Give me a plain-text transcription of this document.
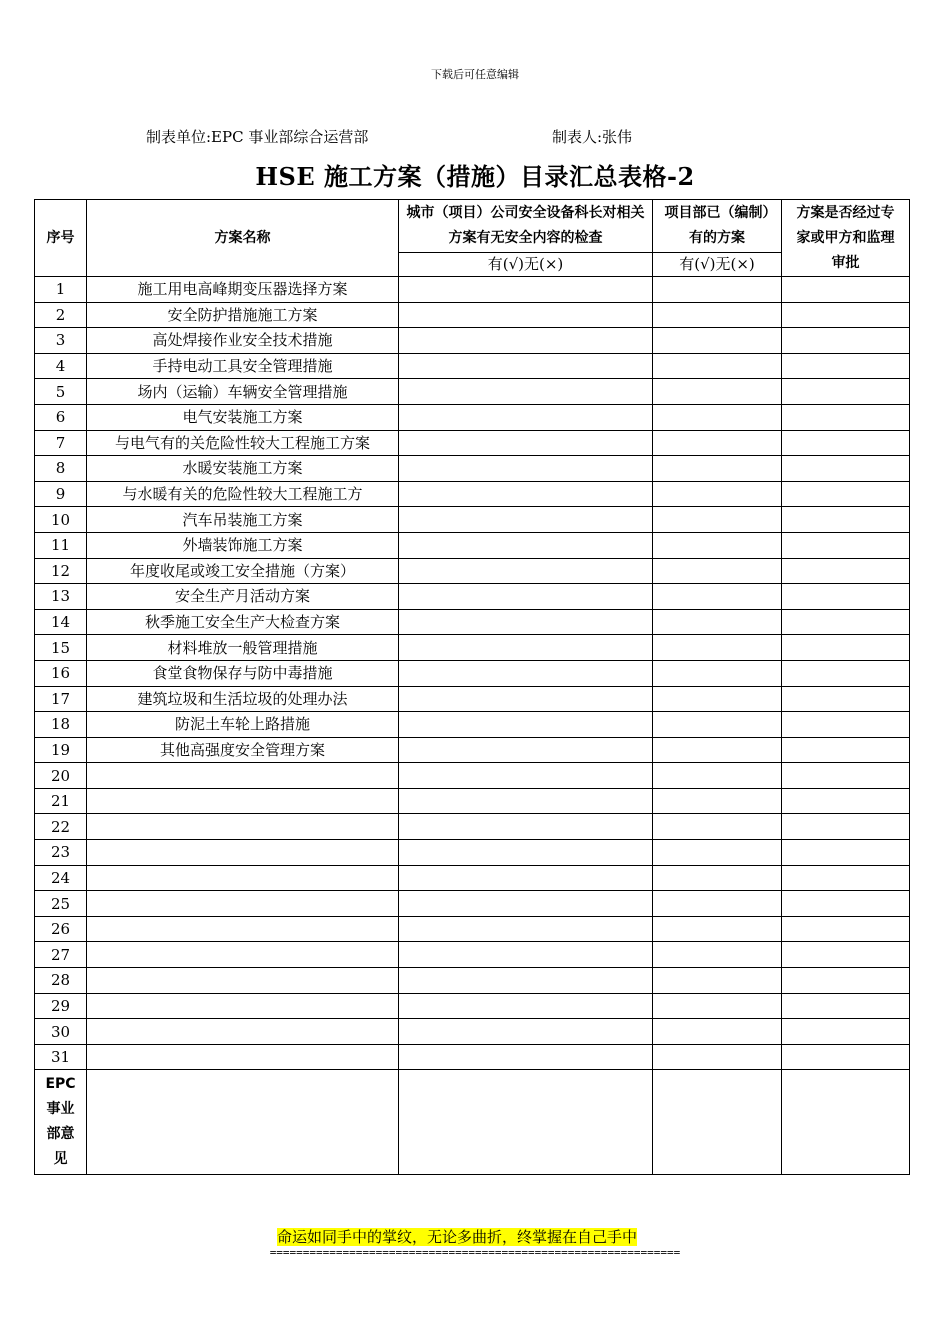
下载后可任意编辑
制表单位:EPC 事业部综合运营部	制表人:张伟
HSE 施工方案（措施）目录汇总表格-2
序号	方案名称	城市（项目）公司安全设备科长对相关方案有无安全内容的检查	项目部已（编制）有的方案	方案是否经过专家或甲方和监理审批
		有(√)无(×)	有(√)无(×)	
1	施工用电高峰期变压器选择方案			
2	安全防护措施施工方案			
3	高处焊接作业安全技术措施			
4	手持电动工具安全管理措施			
5	场内（运输）车辆安全管理措施			
6	电气安装施工方案			
7	与电气有的关危险性较大工程施工方案			
8	水暖安装施工方案			
9	与水暖有关的危险性较大工程施工方			
10	汽车吊装施工方案			
11	外墙装饰施工方案			
12	年度收尾或竣工安全措施（方案）			
13	安全生产月活动方案			
14	秋季施工安全生产大检查方案			
15	材料堆放一般管理措施			
16	食堂食物保存与防中毒措施			
17	建筑垃圾和生活垃圾的处理办法			
18	防泥土车轮上路措施			
19	其他高强度安全管理方案			
20				
21				
22				
23				
24				
25				
26				
27				
28				
29				
30				
31				

EPC
事业
部意
见				

命运如同手中的掌纹，无论多曲折，终掌握在自己手中
==============================================================
